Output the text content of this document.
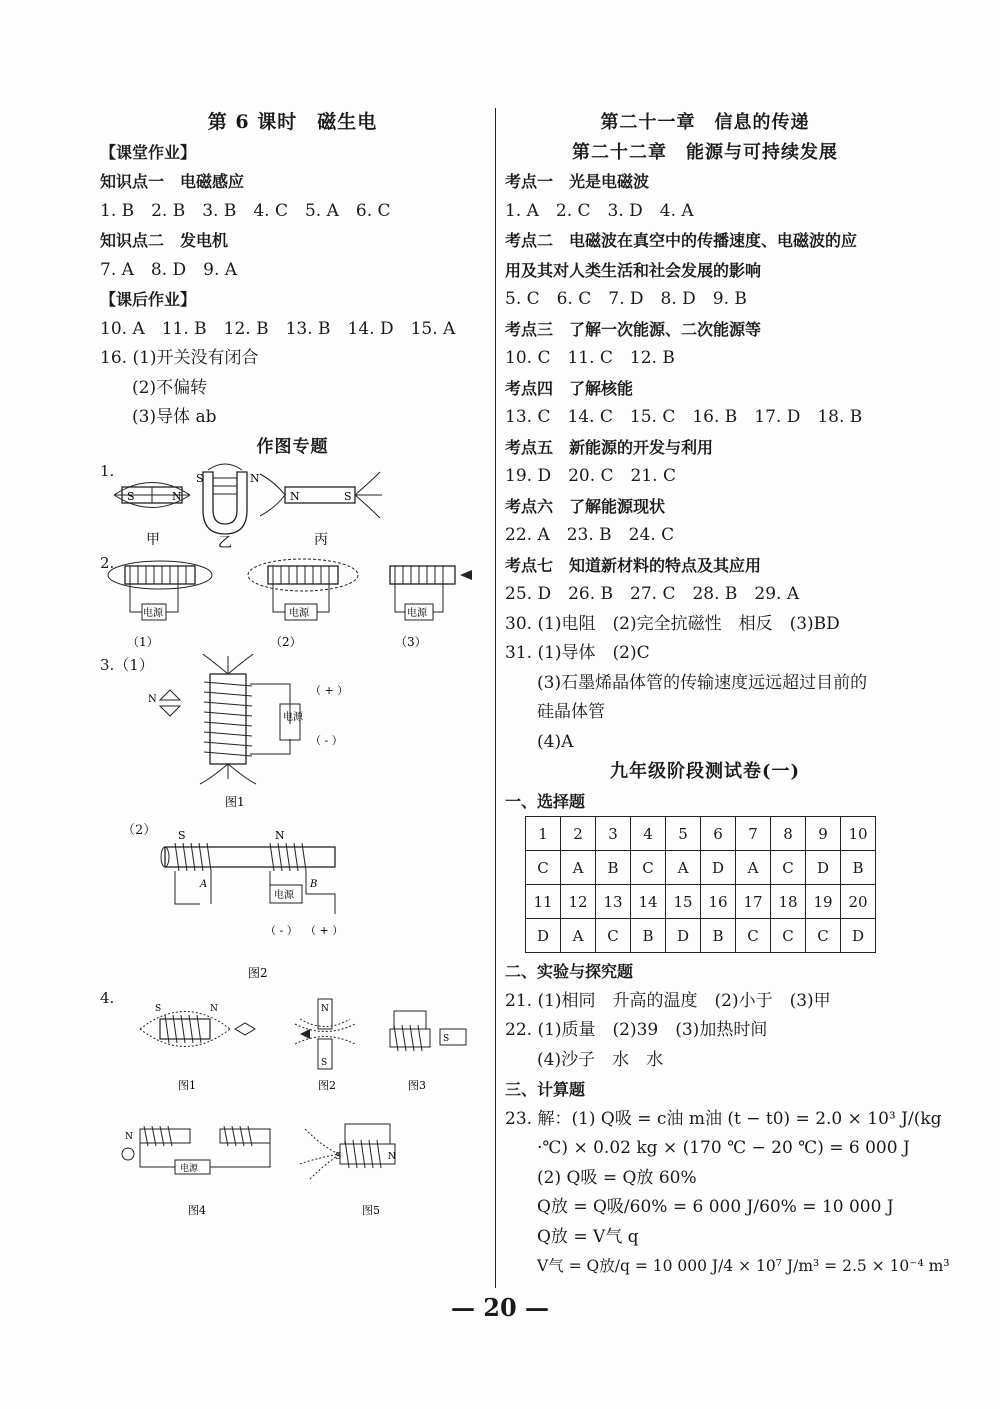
第 6 课时　磁生电
【课堂作业】
知识点一　电磁感应
1. B　2. B　3. B　4. C　5. A　6. C
知识点二　发电机
7. A　8. D　9. A
【课后作业】
10. A　11. B　12. B　13. B　14. D　15. A
16. (1)开关没有闭合
(2)不偏转
(3)导体 ab
作图专题
1.
S	N
甲
S	N
乙
N	S
丙
2.
电源
（1）
电源
（2）
电源
（3）
3.（1）
电源
（ + ）
（ - ）
N
图1
（2） S	N
电源
A	B
（ - ） （ + ）
图2
4.
S	N
图1
N
S
图2
S
图3
电源
N
图4
S	N
图5
第二十一章　信息的传递
第二十二章　能源与可持续发展
考点一　光是电磁波
1. A　2. C　3. D　4. A
考点二　电磁波在真空中的传播速度、电磁波的应
用及其对人类生活和社会发展的影响
5. C　6. C　7. D　8. D　9. B
考点三　了解一次能源、二次能源等
10. C　11. C　12. B
考点四　了解核能
13. C　14. C　15. C　16. B　17. D　18. B
考点五　新能源的开发与利用
19. D　20. C　21. C
考点六　了解能源现状
22. A　23. B　24. C
考点七　知道新材料的特点及其应用
25. D　26. B　27. C　28. B　29. A
30. (1)电阻　(2)完全抗磁性　相反　(3)BD
31. (1)导体　(2)C
(3)石墨烯晶体管的传输速度远远超过目前的
硅晶体管
(4)A
九年级阶段测试卷(一)
一、选择题
1	2	3	4	5	6	7	8	9	10
C	A	B	C	A	D	A	C	D	B
11	12	13	14	15	16	17	18	19	20
D	A	C	B	D	B	C	C	C	D
二、实验与探究题
21. (1)相同　升高的温度　(2)小于　(3)甲
22. (1)质量　(2)39　(3)加热时间
(4)沙子　水　水
三、计算题
23. 解：(1) Q吸 = c油 m油 (t − t0) = 2.0 × 10³ J/(kg
·℃) × 0.02 kg × (170 ℃ − 20 ℃) = 6 000 J
(2) Q吸 = Q放 60%
Q放 = Q吸/60% = 6 000 J/60% = 10 000 J
Q放 = V气 q
V气 = Q放/q = 10 000 J/4 × 10⁷ J/m³ = 2.5 × 10⁻⁴ m³
— 20 —
